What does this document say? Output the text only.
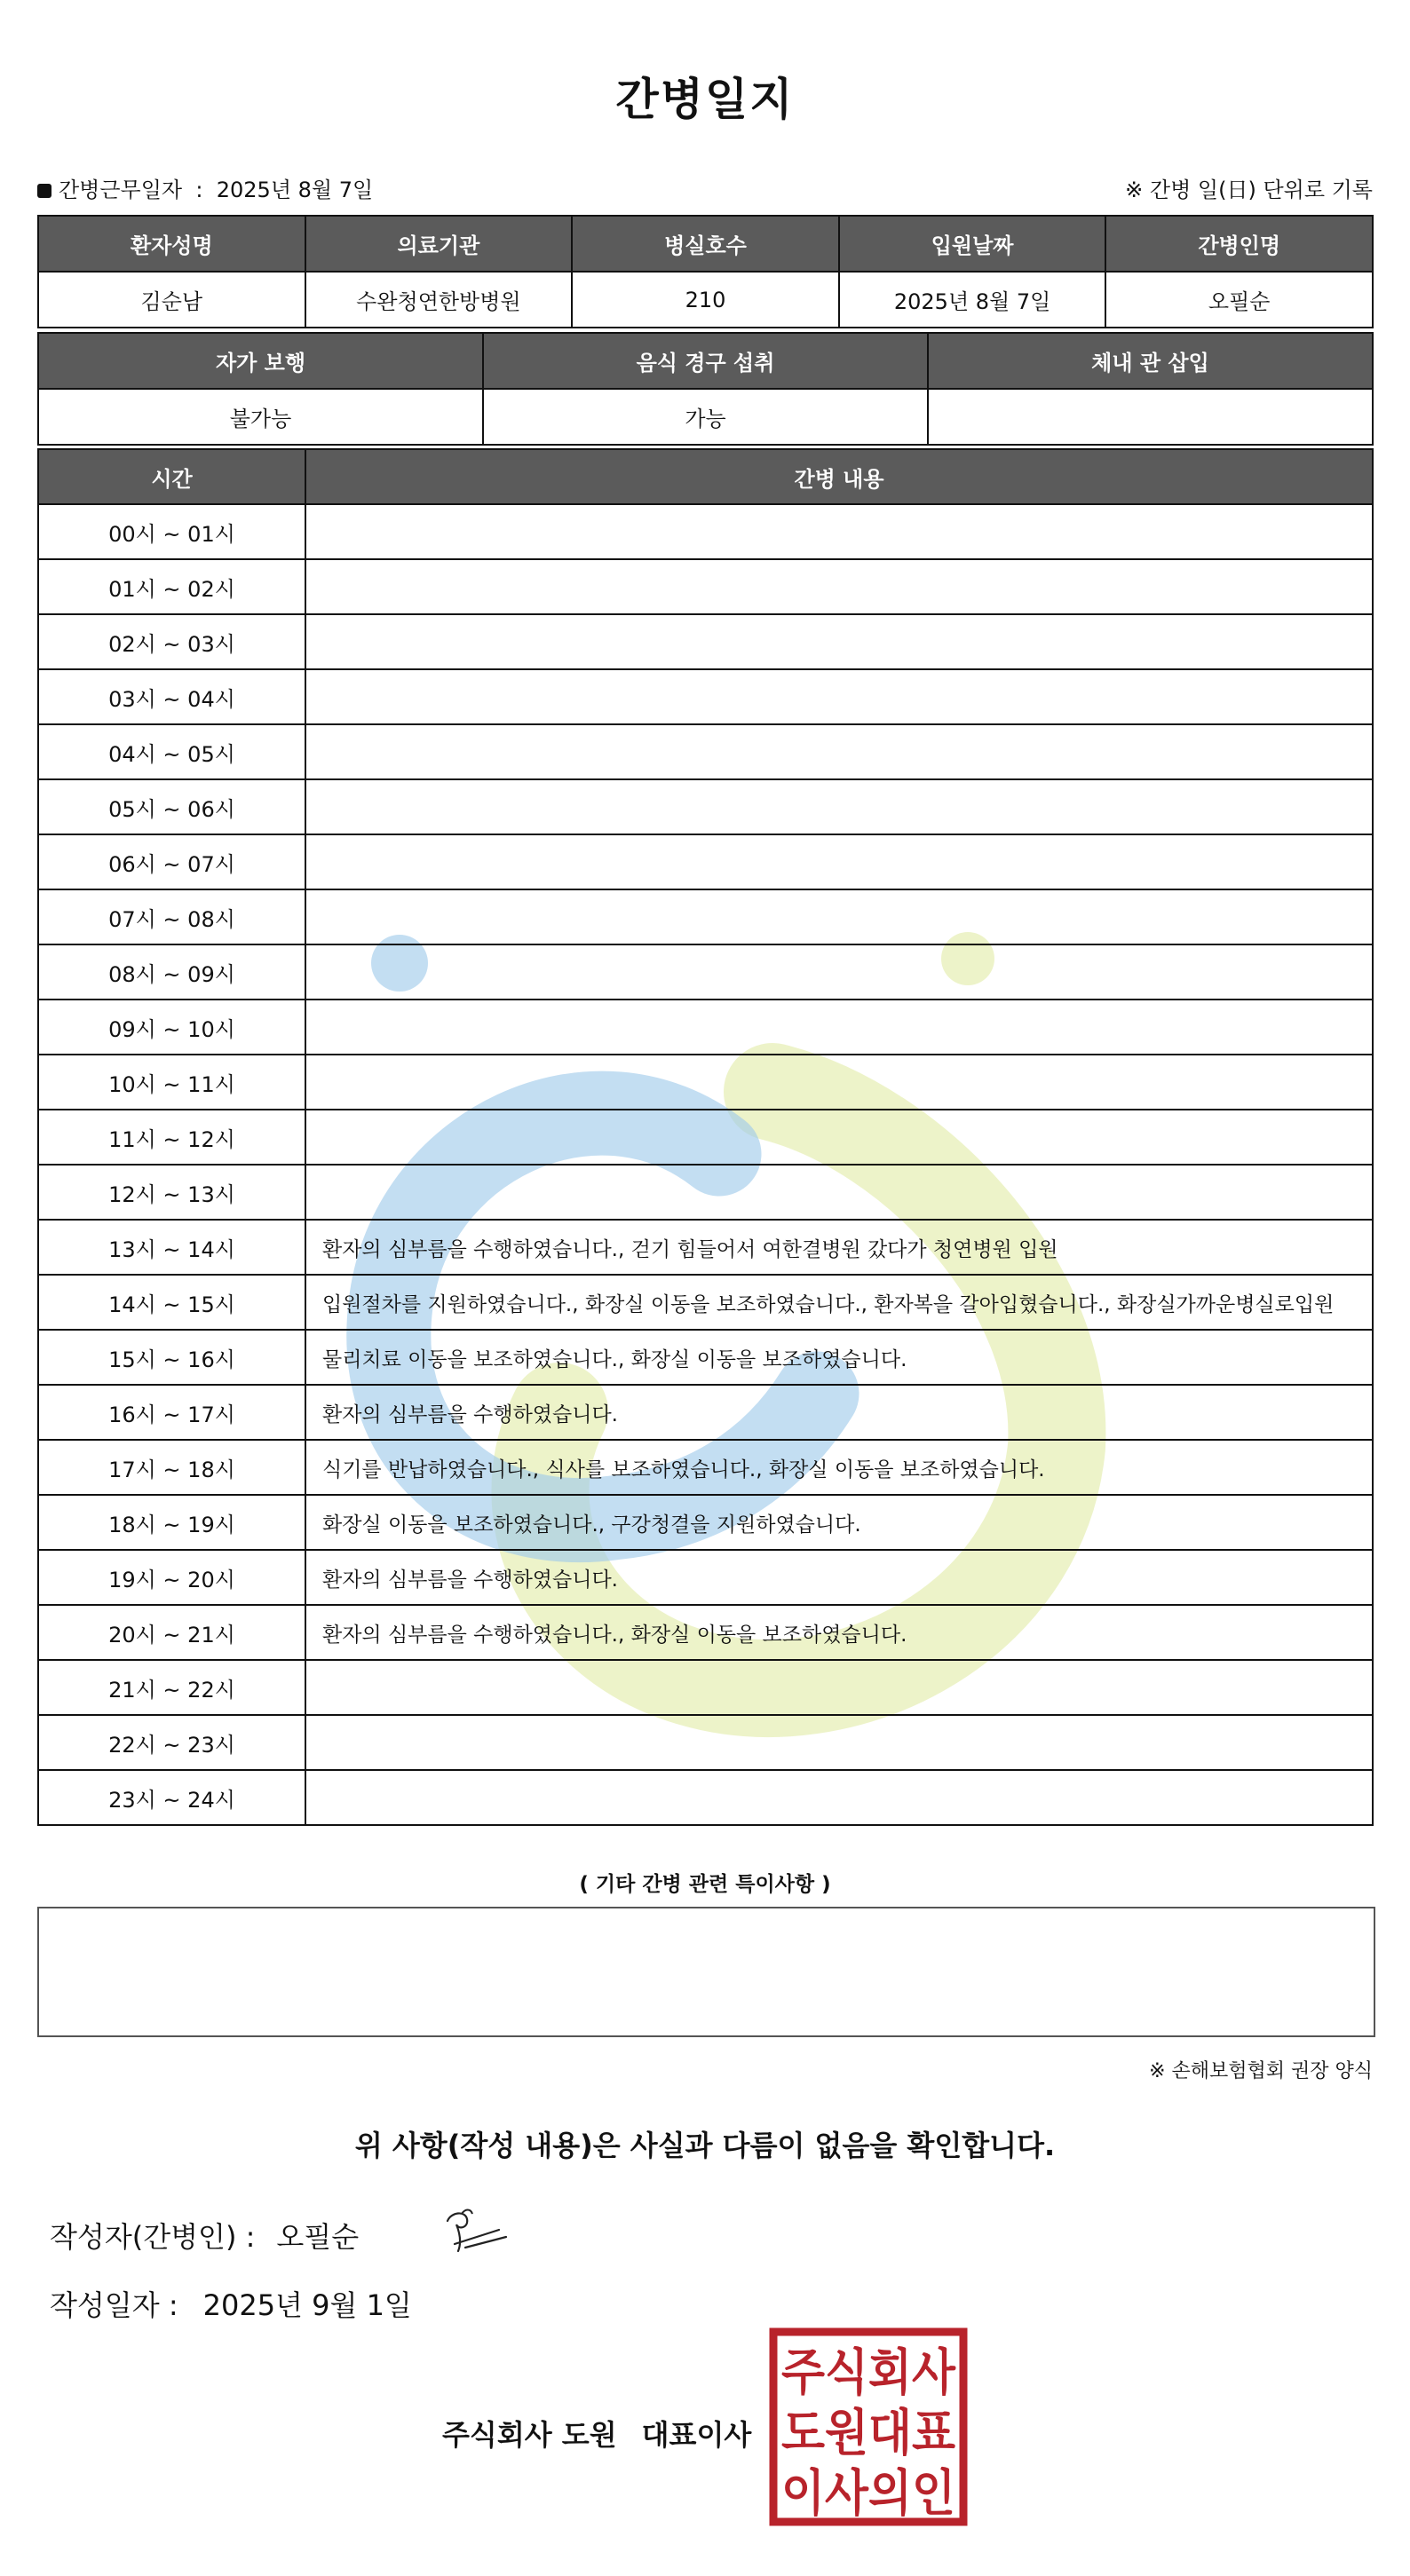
간병일지
간병근무일자 : 2025년 8월 7일	※ 간병 일(日) 단위로 기록
환자성명	의료기관	병실호수	입원날짜	간병인명
김순남	수완청연한방병원	210	2025년 8월 7일	오필순
자가 보행	음식 경구 섭취	체내 관 삽입
불가능	가능	
시간	간병 내용
00시 ~ 01시	
01시 ~ 02시	
02시 ~ 03시	
03시 ~ 04시	
04시 ~ 05시	
05시 ~ 06시	
06시 ~ 07시	
07시 ~ 08시	
08시 ~ 09시	
09시 ~ 10시	
10시 ~ 11시	
11시 ~ 12시	
12시 ~ 13시	
13시 ~ 14시	환자의 심부름을 수행하였습니다., 걷기 힘들어서 여한결병원 갔다가 청연병원 입원
14시 ~ 15시	입원절차를 지원하였습니다., 화장실 이동을 보조하였습니다., 환자복을 갈아입혔습니다., 화장실가까운병실로입원
15시 ~ 16시	물리치료 이동을 보조하였습니다., 화장실 이동을 보조하였습니다.
16시 ~ 17시	환자의 심부름을 수행하였습니다.
17시 ~ 18시	식기를 반납하였습니다., 식사를 보조하였습니다., 화장실 이동을 보조하였습니다.
18시 ~ 19시	화장실 이동을 보조하였습니다., 구강청결을 지원하였습니다.
19시 ~ 20시	환자의 심부름을 수행하였습니다.
20시 ~ 21시	환자의 심부름을 수행하였습니다., 화장실 이동을 보조하였습니다.
21시 ~ 22시	
22시 ~ 23시	
23시 ~ 24시	
( 기타 간병 관련 특이사항 )
※ 손해보험협회 권장 양식
위 사항(작성 내용)은 사실과 다름이 없음을 확인합니다.
작성자(간병인) : 오필순
작성일자 : 2025년 9월 1일
주식회사 도원 대표이사
주식회사
도원대표
이사의인
